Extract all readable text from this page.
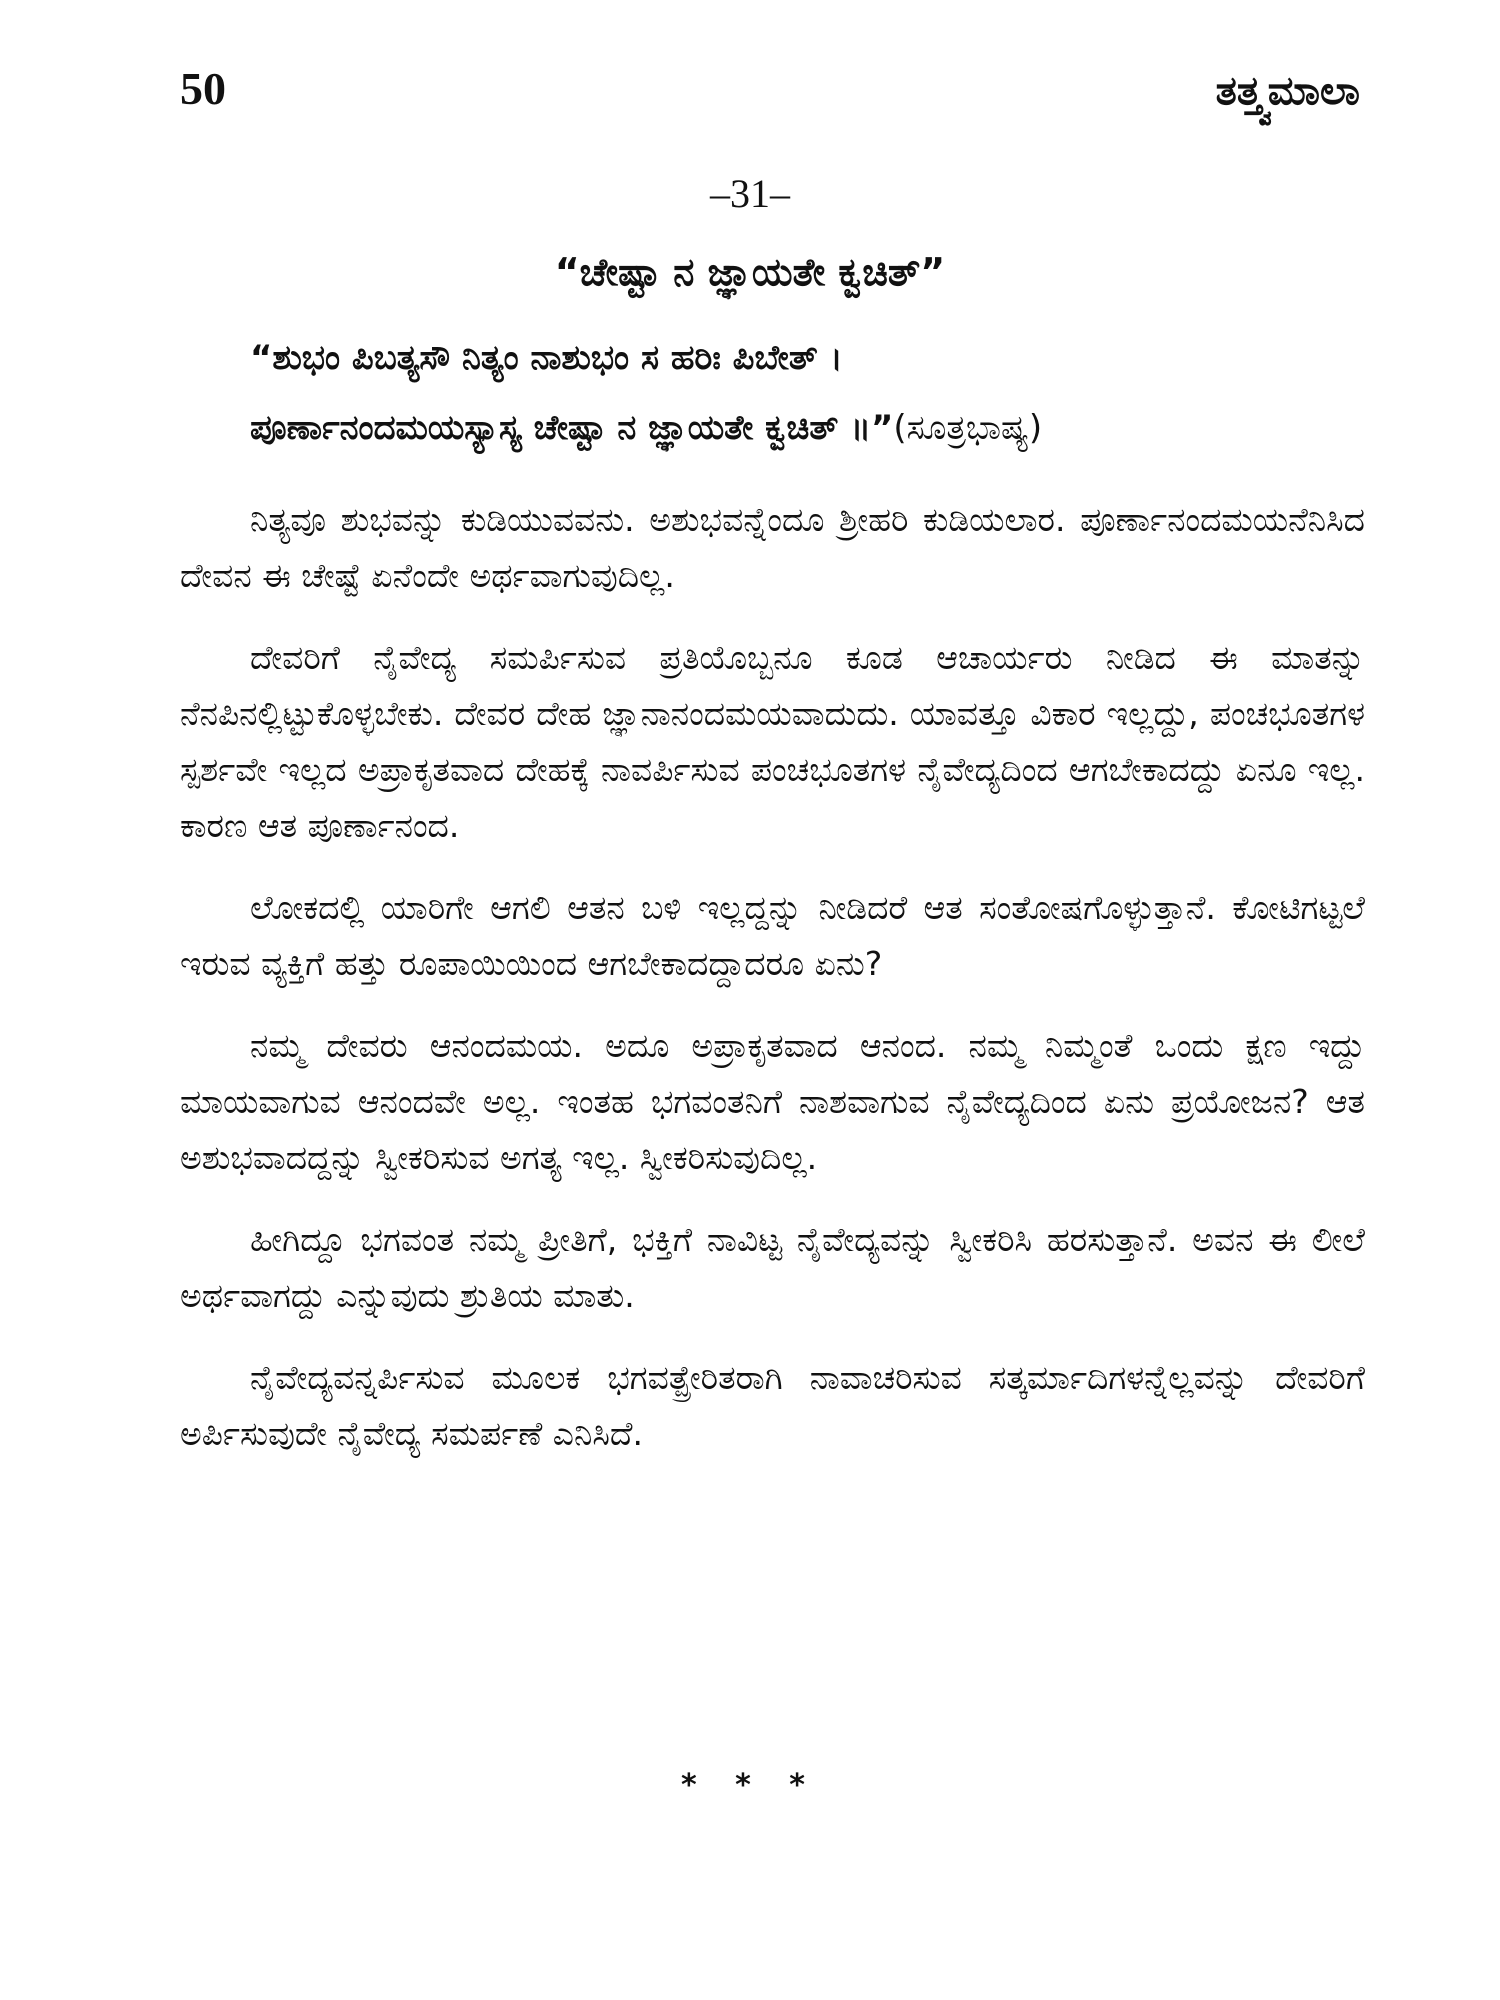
50	ತತ್ತ್ವಮಾಲಾ
–31–
“ಚೇಷ್ಟಾ ನ ಜ್ಞಾಯತೇ ಕ್ವಚಿತ್”
“ಶುಭಂ ಪಿಬತ್ಯಸೌ ನಿತ್ಯಂ ನಾಶುಭಂ ಸ ಹರಿಃ ಪಿಬೇತ್ ।
ಪೂರ್ಣಾನಂದಮಯಸ್ಯಾಸ್ಯ ಚೇಷ್ಟಾ ನ ಜ್ಞಾಯತೇ ಕ್ವಚಿತ್ ॥”(ಸೂತ್ರಭಾಷ್ಯ)

ನಿತ್ಯವೂ ಶುಭವನ್ನು ಕುಡಿಯುವವನು. ಅಶುಭವನ್ನೆಂದೂ ಶ್ರೀಹರಿ ಕುಡಿಯಲಾರ. ಪೂರ್ಣಾನಂದಮಯನೆನಿಸಿದ ದೇವನ ಈ ಚೇಷ್ಟೆ ಏನೆಂದೇ ಅರ್ಥವಾಗುವುದಿಲ್ಲ.

ದೇವರಿಗೆ ನೈವೇದ್ಯ ಸಮರ್ಪಿಸುವ ಪ್ರತಿಯೊಬ್ಬನೂ ಕೂಡ ಆಚಾರ್ಯರು ನೀಡಿದ ಈ ಮಾತನ್ನು ನೆನಪಿನಲ್ಲಿಟ್ಟುಕೊಳ್ಳಬೇಕು. ದೇವರ ದೇಹ ಜ್ಞಾನಾನಂದಮಯವಾದುದು. ಯಾವತ್ತೂ ವಿಕಾರ ಇಲ್ಲದ್ದು, ಪಂಚಭೂತಗಳ ಸ್ಪರ್ಶವೇ ಇಲ್ಲದ ಅಪ್ರಾಕೃತವಾದ ದೇಹಕ್ಕೆ ನಾವರ್ಪಿಸುವ ಪಂಚಭೂತಗಳ ನೈವೇದ್ಯದಿಂದ ಆಗಬೇಕಾದದ್ದು ಏನೂ ಇಲ್ಲ. ಕಾರಣ ಆತ ಪೂರ್ಣಾನಂದ.

ಲೋಕದಲ್ಲಿ ಯಾರಿಗೇ ಆಗಲಿ ಆತನ ಬಳಿ ಇಲ್ಲದ್ದನ್ನು ನೀಡಿದರೆ ಆತ ಸಂತೋಷಗೊಳ್ಳುತ್ತಾನೆ. ಕೋಟಿಗಟ್ಟಲೆ ಇರುವ ವ್ಯಕ್ತಿಗೆ ಹತ್ತು ರೂಪಾಯಿಯಿಂದ ಆಗಬೇಕಾದದ್ದಾದರೂ ಏನು?

ನಮ್ಮ ದೇವರು ಆನಂದಮಯ. ಅದೂ ಅಪ್ರಾಕೃತವಾದ ಆನಂದ. ನಮ್ಮ ನಿಮ್ಮಂತೆ ಒಂದು ಕ್ಷಣ ಇದ್ದು ಮಾಯವಾಗುವ ಆನಂದವೇ ಅಲ್ಲ. ಇಂತಹ ಭಗವಂತನಿಗೆ ನಾಶವಾಗುವ ನೈವೇದ್ಯದಿಂದ ಏನು ಪ್ರಯೋಜನ? ಆತ ಅಶುಭವಾದದ್ದನ್ನು ಸ್ವೀಕರಿಸುವ ಅಗತ್ಯ ಇಲ್ಲ. ಸ್ವೀಕರಿಸುವುದಿಲ್ಲ.

ಹೀಗಿದ್ದೂ ಭಗವಂತ ನಮ್ಮ ಪ್ರೀತಿಗೆ, ಭಕ್ತಿಗೆ ನಾವಿಟ್ಟ ನೈವೇದ್ಯವನ್ನು ಸ್ವೀಕರಿಸಿ ಹರಸುತ್ತಾನೆ. ಅವನ ಈ ಲೀಲೆ ಅರ್ಥವಾಗದ್ದು ಎನ್ನುವುದು ಶ್ರುತಿಯ ಮಾತು.

ನೈವೇದ್ಯವನ್ನರ್ಪಿಸುವ ಮೂಲಕ ಭಗವತ್ಪ್ರೇರಿತರಾಗಿ ನಾವಾಚರಿಸುವ ಸತ್ಕರ್ಮಾದಿಗಳನ್ನೆಲ್ಲವನ್ನು ದೇವರಿಗೆ ಅರ್ಪಿಸುವುದೇ ನೈವೇದ್ಯ ಸಮರ್ಪಣೆ ಎನಿಸಿದೆ.

* * *
